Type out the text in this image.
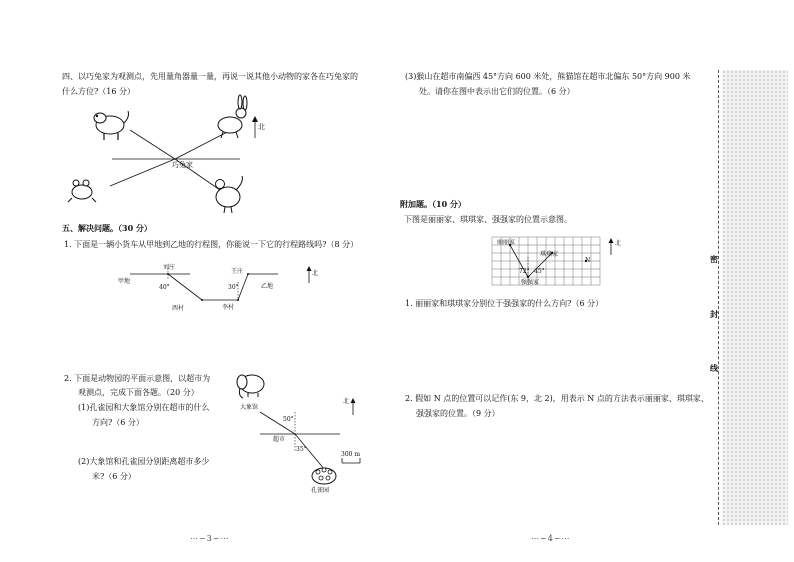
四、以巧兔家为观测点，先用量角器量一量，再说一说其他小动物的家各在巧兔家的
什么方位?（16 分）
巧兔家
北
五、解决问题。（30 分）
1. 下面是一辆小货车从甲地到乙地的行程图，你能说一下它的行程路线吗?（8 分）
甲地
刘庄
40°
西村	李村
30°
王庄
乙地
北
2. 下面是动物园的平面示意图，以超市为
观测点，完成下面各题。（20 分）
(1)孔雀园和大象馆分别在超市的什么
方向?（6 分）
(2)大象馆和孔雀园分别距离超市多少
米?（6 分）
大象馆
50°
超市
35°
孔雀园
北
300 m
⋯∽3∽⋯
(3)猴山在超市南偏西 45°方向 600 米处，熊猫馆在超市北偏东 50°方向 900 米
处。请你在图中表示出它们的位置。（6 分）
附加题。（10 分）
下图是丽丽家、琪琪家、强强家的位置示意图。
丽丽家
琪琪家
N
72° 45°
强强家
北
1. 丽丽家和琪琪家分别位于强强家的什么方向?（6 分）
2. 假如 N 点的位置可以记作(东 9，北 2)，用表示 N 点的方法表示丽丽家、琪琪家、
强强家的位置。（9 分）
⋯∽4∽⋯
密
封
线
